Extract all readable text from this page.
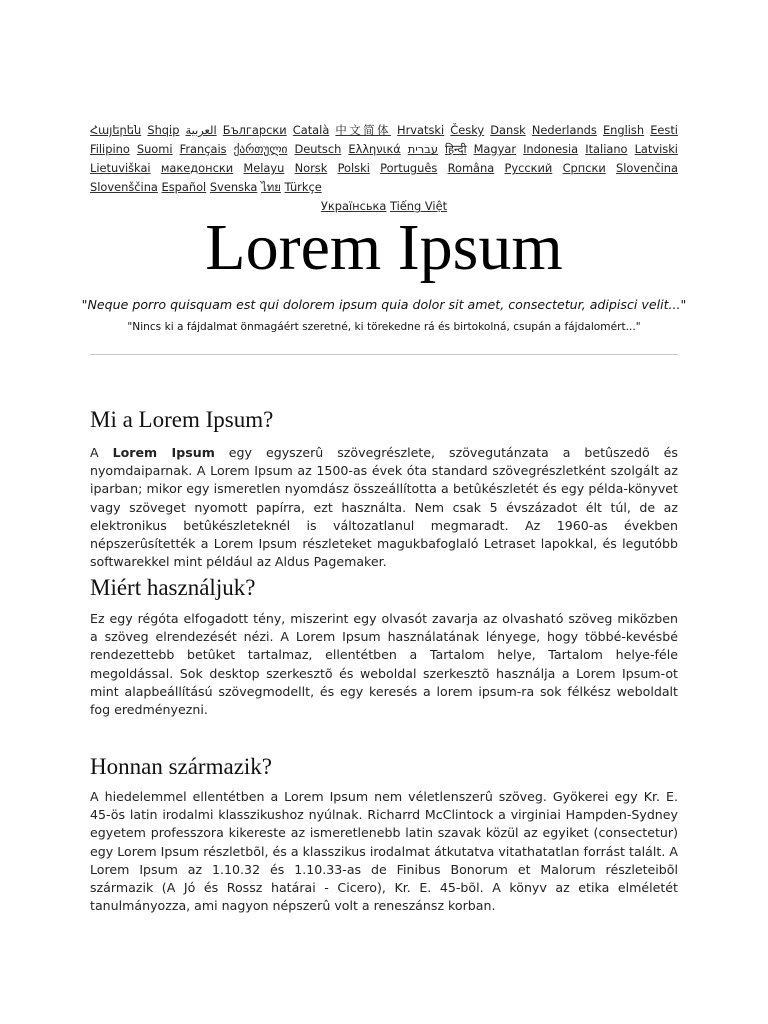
Հայերեն Shqip العربية Български Català 中文简体 Hrvatski Česky Dansk Nederlands English Eesti Filipino Suomi Français ქართული Deutsch Ελληνικά עברית हिन्दी Magyar Indonesia Italiano Latviski Lietuviškai македонски Melayu Norsk Polski Português Româna Pусский Српски Slovenčina Slovenščina Español Svenska ไทย Türkçe
Українська Tiếng Việt
Lorem Ipsum
"Neque porro quisquam est qui dolorem ipsum quia dolor sit amet, consectetur, adipisci velit..."
"Nincs ki a fájdalmat önmagáért szeretné, ki törekedne rá és birtokolná, csupán a fájdalomért..."
Mi a Lorem Ipsum?

A Lorem Ipsum egy egyszerû szövegrészlete, szövegutánzata a betûszedõ és nyomdaiparnak. A Lorem Ipsum az 1500-as évek óta standard szövegrészletként szolgált az iparban; mikor egy ismeretlen nyomdász összeállította a betûkészletét és egy példa-könyvet vagy szöveget nyomott papírra, ezt használta. Nem csak 5 évszázadot élt túl, de az elektronikus betûkészleteknél is változatlanul megmaradt. Az 1960-as években népszerûsítették a Lorem Ipsum részleteket magukbafoglaló Letraset lapokkal, és legutóbb softwarekkel mint például az Aldus Pagemaker.

Miért használjuk?

Ez egy régóta elfogadott tény, miszerint egy olvasót zavarja az olvasható szöveg miközben a szöveg elrendezését nézi. A Lorem Ipsum használatának lényege, hogy többé-kevésbé rendezettebb betûket tartalmaz, ellentétben a Tartalom helye, Tartalom helye-féle megoldással. Sok desktop szerkesztõ és weboldal szerkesztõ használja a Lorem Ipsum-ot mint alapbeállítású szövegmodellt, és egy keresés a lorem ipsum-ra sok félkész weboldalt fog eredményezni.

Honnan származik?

A hiedelemmel ellentétben a Lorem Ipsum nem véletlenszerû szöveg. Gyökerei egy Kr. E. 45-ös latin irodalmi klasszikushoz nyúlnak. Richarrd McClintock a virginiai Hampden-Sydney egyetem professzora kikereste az ismeretlenebb latin szavak közül az egyiket (consectetur) egy Lorem Ipsum részletbõl, és a klasszikus irodalmat átkutatva vitathatatlan forrást talált. A Lorem Ipsum az 1.10.32 és 1.10.33-as de Finibus Bonorum et Malorum részleteibõl származik (A Jó és Rossz határai - Cicero), Kr. E. 45-bõl. A könyv az etika elméletét tanulmányozza, ami nagyon népszerû volt a reneszánsz korban.
